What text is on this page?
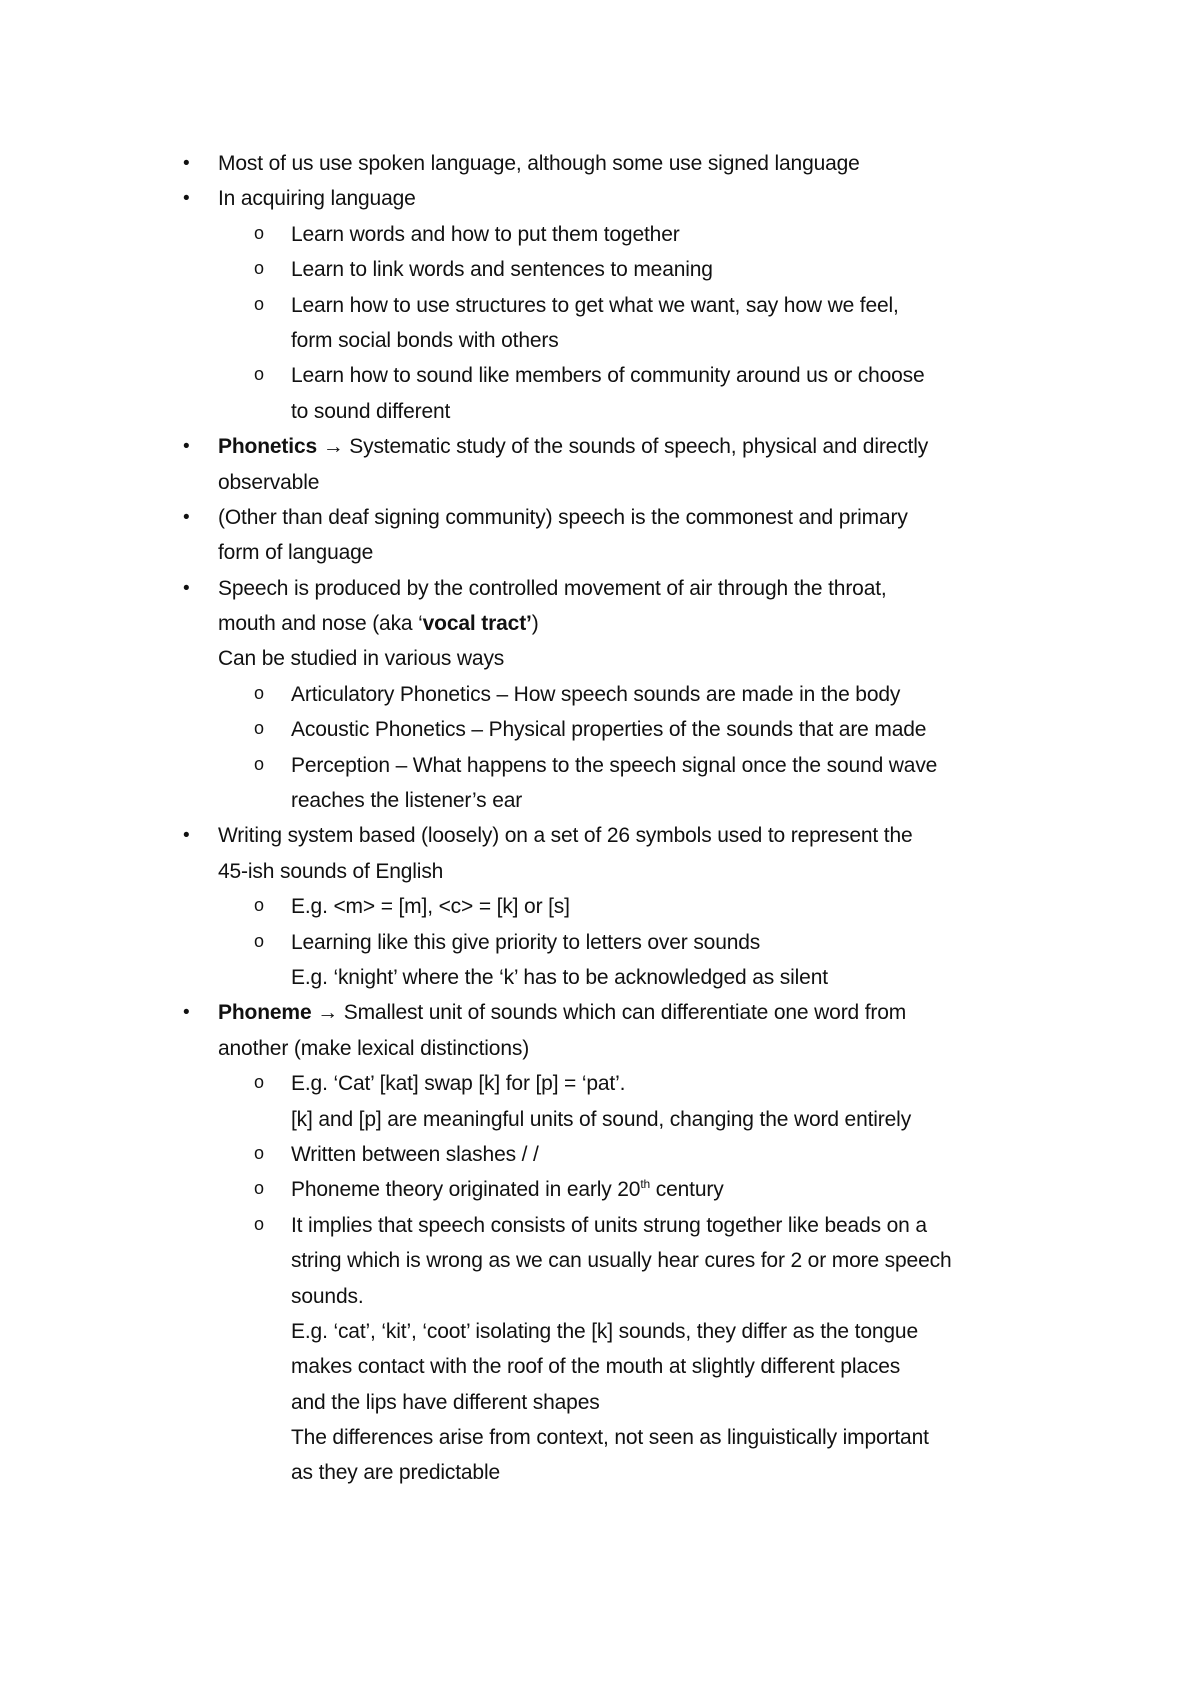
• Most of us use spoken language, although some use signed language
• In acquiring language
o Learn words and how to put them together
o Learn to link words and sentences to meaning
o Learn how to use structures to get what we want, say how we feel,
form social bonds with others
o Learn how to sound like members of community around us or choose
to sound different
• Phonetics → Systematic study of the sounds of speech, physical and directly
observable
• (Other than deaf signing community) speech is the commonest and primary
form of language
• Speech is produced by the controlled movement of air through the throat,
mouth and nose (aka ‘vocal tract’)
Can be studied in various ways
o Articulatory Phonetics – How speech sounds are made in the body
o Acoustic Phonetics – Physical properties of the sounds that are made
o Perception – What happens to the speech signal once the sound wave
reaches the listener’s ear
• Writing system based (loosely) on a set of 26 symbols used to represent the
45-ish sounds of English
o E.g. <m> = [m], <c> = [k] or [s]
o Learning like this give priority to letters over sounds
E.g. ‘knight’ where the ‘k’ has to be acknowledged as silent
• Phoneme → Smallest unit of sounds which can differentiate one word from
another (make lexical distinctions)
o E.g. ‘Cat’ [kat] swap [k] for [p] = ‘pat’.
[k] and [p] are meaningful units of sound, changing the word entirely
o Written between slashes / /
o Phoneme theory originated in early 20th century
o It implies that speech consists of units strung together like beads on a
string which is wrong as we can usually hear cures for 2 or more speech
sounds.
E.g. ‘cat’, ‘kit’, ‘coot’ isolating the [k] sounds, they differ as the tongue
makes contact with the roof of the mouth at slightly different places
and the lips have different shapes
The differences arise from context, not seen as linguistically important
as they are predictable
